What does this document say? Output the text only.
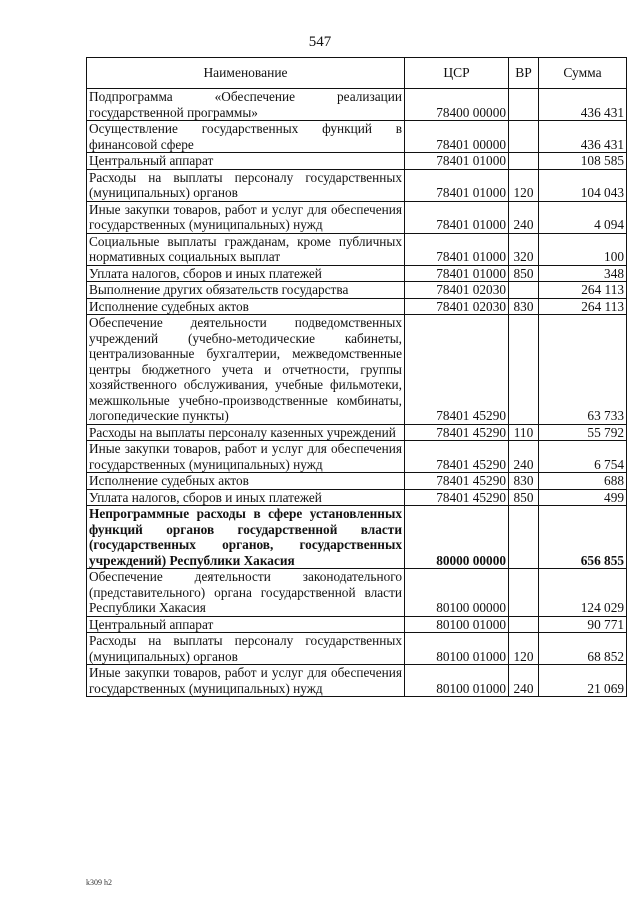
547
Наименование	ЦСР	ВР	Сумма
Подпрограмма «Обеспечение реализации государственной программы»	78400 00000		436 431
Осуществление государственных функций в финансовой сфере	78401 00000		436 431
Центральный аппарат	78401 01000		108 585
Расходы на выплаты персоналу государственных (муниципальных) органов	78401 01000	120	104 043
Иные закупки товаров, работ и услуг для обеспечения государственных (муниципальных) нужд	78401 01000	240	4 094
Социальные выплаты гражданам, кроме публичных нормативных социальных выплат	78401 01000	320	100
Уплата налогов, сборов и иных платежей	78401 01000	850	348
Выполнение других обязательств государства	78401 02030		264 113
Исполнение судебных актов	78401 02030	830	264 113
Обеспечение деятельности подведомственных учреждений (учебно-методические кабинеты, централизованные бухгалтерии, межведомственные центры бюджетного учета и отчетности, группы хозяйственного обслуживания, учебные фильмотеки, межшкольные учебно-производственные комбинаты, логопедические пункты)	78401 45290		63 733
Расходы на выплаты персоналу казенных учреждений	78401 45290	110	55 792
Иные закупки товаров, работ и услуг для обеспечения государственных (муниципальных) нужд	78401 45290	240	6 754
Исполнение судебных актов	78401 45290	830	688
Уплата налогов, сборов и иных платежей	78401 45290	850	499
Непрограммные расходы в сфере установленных функций органов государственной власти (государственных органов, государственных учреждений) Республики Хакасия	80000 00000		656 855
Обеспечение деятельности законодательного (представительного) органа государственной власти Республики Хакасия	80100 00000		124 029
Центральный аппарат	80100 01000		90 771
Расходы на выплаты персоналу государственных (муниципальных) органов	80100 01000	120	68 852
Иные закупки товаров, работ и услуг для обеспечения государственных (муниципальных) нужд	80100 01000	240	21 069
k309 h2
